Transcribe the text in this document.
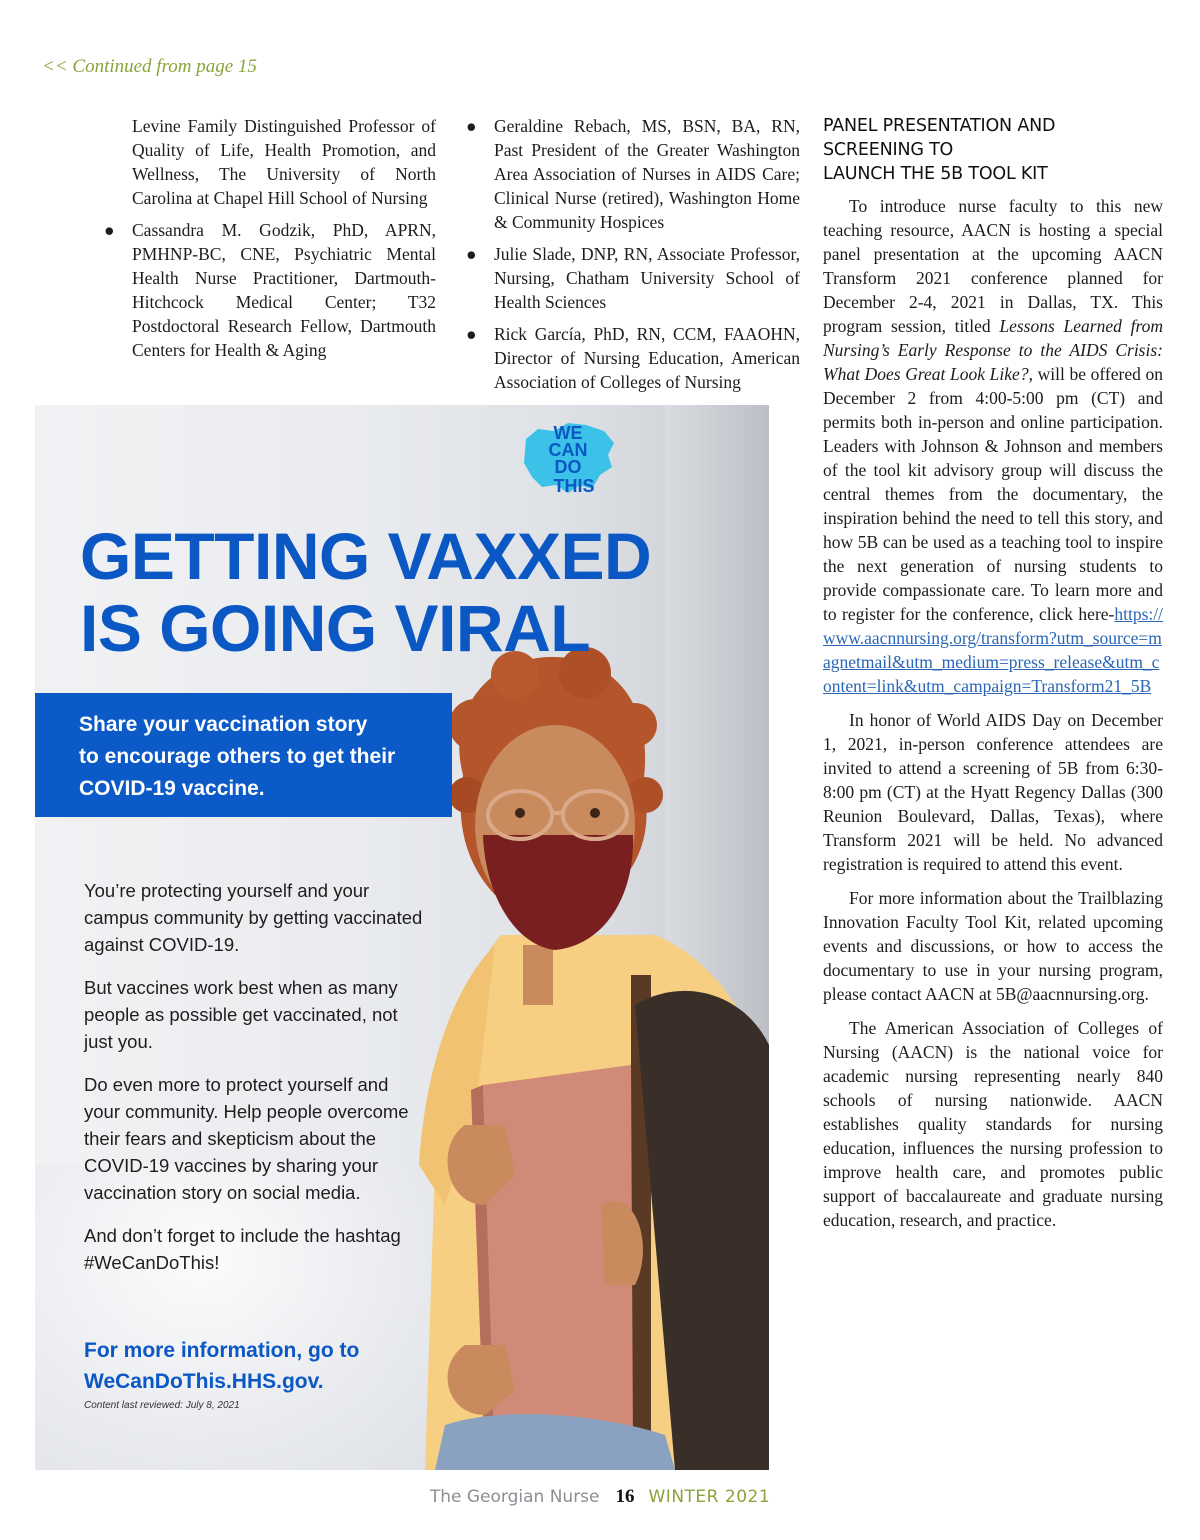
<< Continued from page 15
Levine Family Distinguished Professor of Quality of Life, Health Promotion, and Wellness, The University of North Carolina at Chapel Hill School of Nursing
● Cassandra M. Godzik, PhD, APRN, PMHNP-BC, CNE, Psychiatric Mental Health Nurse Practitioner, Dartmouth-Hitchcock Medical Center; T32 Postdoctoral Research Fellow, Dartmouth Centers for Health & Aging
● Geraldine Rebach, MS, BSN, BA, RN, Past President of the Greater Washington Area Association of Nurses in AIDS Care; Clinical Nurse (retired), Washington Home & Community Hospices
● Julie Slade, DNP, RN, Associate Professor, Nursing, Chatham University School of Health Sciences
● Rick García, PhD, RN, CCM, FAAOHN, Director of Nursing Education, American Association of Colleges of Nursing
PANEL PRESENTATION AND
SCREENING TO
LAUNCH THE 5B TOOL KIT

To introduce nurse faculty to this new teaching resource, AACN is hosting a special panel presentation at the upcoming AACN Transform 2021 conference planned for December 2-4, 2021 in Dallas, TX. This program session, titled Lessons Learned from Nursing’s Early Response to the AIDS Crisis: What Does Great Look Like?, will be offered on December 2 from 4:00-5:00 pm (CT) and permits both in-person and online participation. Leaders with Johnson & Johnson and members of the tool kit advisory group will discuss the central themes from the documentary, the inspiration behind the need to tell this story, and how 5B can be used as a teaching tool to inspire the next generation of nursing students to provide compassionate care. To learn more and to register for the conference, click here-https://www.aacnnursing.org/transform?utm_source=magnetmail&utm_medium=press_release&utm_content=link&utm_campaign=Transform21_5B

In honor of World AIDS Day on December 1, 2021, in-person conference attendees are invited to attend a screening of 5B from 6:30-8:00 pm (CT) at the Hyatt Regency Dallas (300 Reunion Boulevard, Dallas, Texas), where Transform 2021 will be held. No advanced registration is required to attend this event.

For more information about the Trailblazing Innovation Faculty Tool Kit, related upcoming events and discussions, or how to access the documentary to use in your nursing program, please contact AACN at 5B@aacnnursing.org.

The American Association of Colleges of Nursing (AACN) is the national voice for academic nursing representing nearly 840 schools of nursing nationwide. AACN establishes quality standards for nursing education, influences the nursing profession to improve health care, and promotes public support of baccalaureate and graduate nursing education, research, and practice.

WE
CAN
DO
THIS
GETTING VAXXED
IS GOING VIRAL
Share your vaccination story
to encourage others to get their
COVID-19 vaccine.

You’re protecting yourself and your campus community by getting vaccinated against COVID-19.

But vaccines work best when as many people as possible get vaccinated, not just you.

Do even more to protect yourself and your community. Help people overcome their fears and skepticism about the COVID-19 vaccines by sharing your vaccination story on social media.

And don’t forget to include the hashtag #WeCanDoThis!

For more information, go to
WeCanDoThis.HHS.gov.
Content last reviewed: July 8, 2021
The Georgian Nurse 16 WINTER 2021
